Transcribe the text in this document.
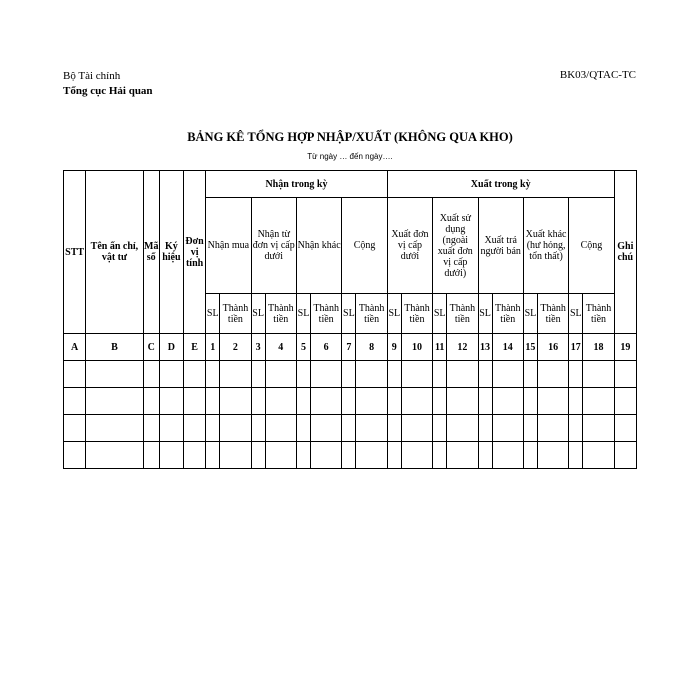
Bộ Tài chính
Tổng cục Hải quan
BK03/QTAC-TC
BẢNG KÊ TỔNG HỢP NHẬP/XUẤT (KHÔNG QUA KHO)
Từ ngày … đến ngày….
STT	Tên ấn chỉ, vật tư	Mã số	Ký hiệu	Đơn vị tính	Nhận trong kỳ								Xuất trong kỳ										Ghi chú
					Nhận mua		Nhận từ đơn vị cấp dưới		Nhận khác		Cộng		Xuất đơn vị cấp dưới		Xuất sử dụng (ngoài xuất đơn vị cấp dưới)		Xuất trả người bán		Xuất khác (hư hỏng, tổn thất)		Cộng		
					SL	Thành tiền	SL	Thành tiền	SL	Thành tiền	SL	Thành tiền	SL	Thành tiền	SL	Thành tiền	SL	Thành tiền	SL	Thành tiền	SL	Thành tiền	
A	B	C	D	E	1	2	3	4	5	6	7	8	9	10	11	12	13	14	15	16	17	18	19
